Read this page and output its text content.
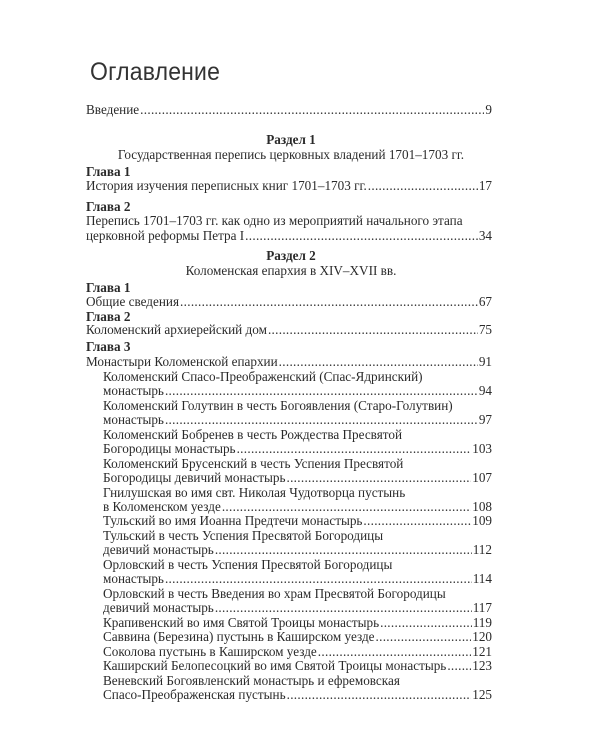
Оглавление
Введение .....	9
Раздел 1
Государственная перепись церковных владений 1701–1703 гг.
Глава 1
История изучения переписных книг 1701–1703 гг. .....	17
Глава 2
Перепись 1701–1703 гг. как одно из мероприятий начального этапа
церковной реформы Петра I .....	34
Раздел 2
Коломенская епархия в XIV–XVII вв.
Глава 1
Общие сведения .....	67
Глава 2
Коломенский архиерейский дом .....	75
Глава 3
Монастыри Коломенской епархии .....	91
Коломенский Спасо-Преображенский (Спас-Ядринский)
монастырь .....	94
Коломенский Голутвин в честь Богоявления (Старо-Голутвин)
монастырь .....	97
Коломенский Бобренев в честь Рождества Пресвятой
Богородицы монастырь .....	103
Коломенский Брусенский в честь Успения Пресвятой
Богородицы девичий монастырь .....	107
Гнилушская во имя свт. Николая Чудотворца пустынь
в Коломенском уезде .....	108
Тульский во имя Иоанна Предтечи монастырь .....	109
Тульский в честь Успения Пресвятой Богородицы
девичий монастырь .....	112
Орловский в честь Успения Пресвятой Богородицы
монастырь .....	114
Орловский в честь Введения во храм Пресвятой Богородицы
девичий монастырь .....	117
Крапивенский во имя Святой Троицы монастырь .....	119
Саввина (Березина) пустынь в Каширском уезде .....	120
Соколова пустынь в Каширском уезде .....	121
Каширский Белопесоцкий во имя Святой Троицы монастырь ..... 123
Веневский Богоявленский монастырь и ефремовская
Спасо-Преображенская пустынь .....	125
